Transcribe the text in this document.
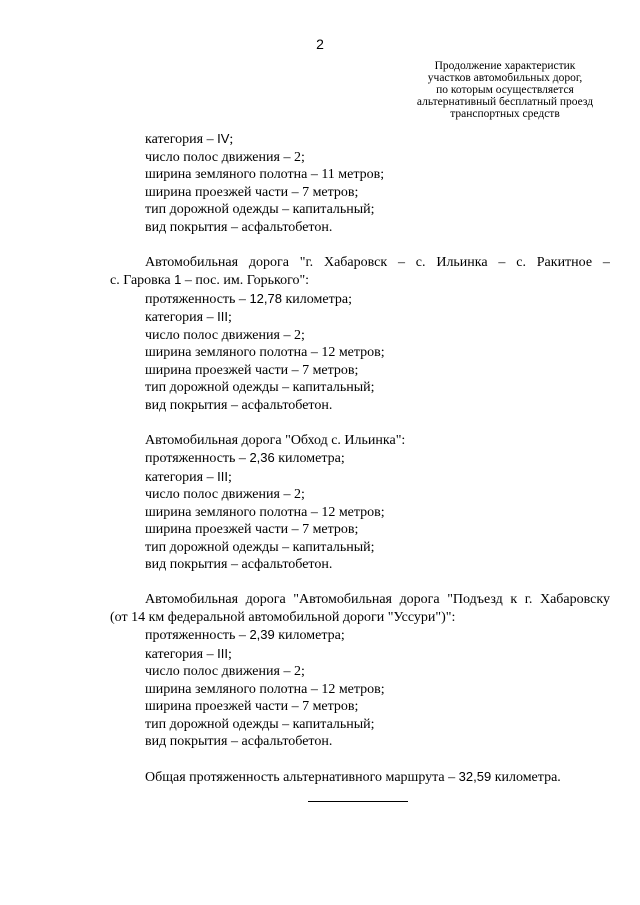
2
Продолжение характеристик
участков автомобильных дорог,
по которым осуществляется
альтернативный бесплатный проезд
транспортных средств
категория – IV;
число полос движения – 2;
ширина земляного полотна – 11 метров;
ширина проезжей части – 7 метров;
тип дорожной одежды – капитальный;
вид покрытия – асфальтобетон.
Автомобильная дорога "г. Хабаровск – с. Ильинка – с. Ракитное –
с. Гаровка 1 – пос. им. Горького":
протяженность – 12,78 километра;
категория – III;
число полос движения – 2;
ширина земляного полотна – 12 метров;
ширина проезжей части – 7 метров;
тип дорожной одежды – капитальный;
вид покрытия – асфальтобетон.
Автомобильная дорога "Обход с. Ильинка":
протяженность – 2,36 километра;
категория – III;
число полос движения – 2;
ширина земляного полотна – 12 метров;
ширина проезжей части – 7 метров;
тип дорожной одежды – капитальный;
вид покрытия – асфальтобетон.
Автомобильная дорога "Автомобильная дорога "Подъезд к г. Хабаровску
(от 14 км федеральной автомобильной дороги "Уссури")":
протяженность – 2,39 километра;
категория – III;
число полос движения – 2;
ширина земляного полотна – 12 метров;
ширина проезжей части – 7 метров;
тип дорожной одежды – капитальный;
вид покрытия – асфальтобетон.
Общая протяженность альтернативного маршрута – 32,59 километра.
